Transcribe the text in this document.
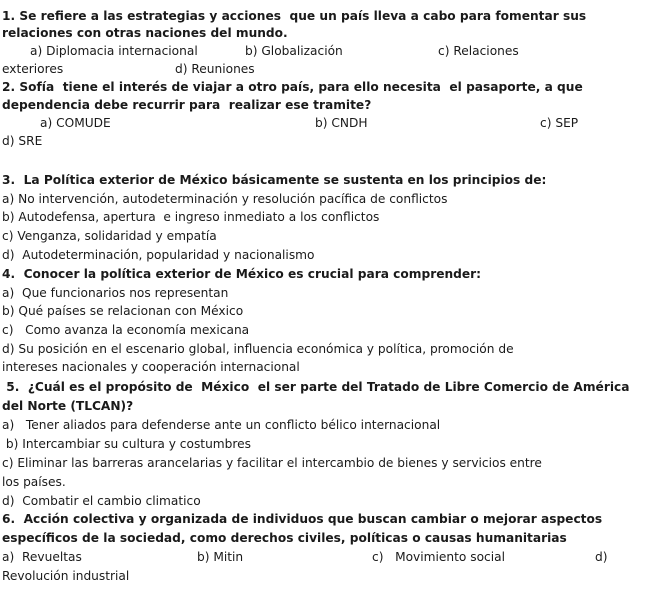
1. Se refiere a las estrategias y acciones  que un país lleva a cabo para fomentar sus
relaciones con otras naciones del mundo.
a) Diplomacia internacional	b) Globalización	c) Relaciones
exteriores	d) Reuniones
2. Sofía  tiene el interés de viajar a otro país, para ello necesita  el pasaporte, a que
dependencia debe recurrir para  realizar ese tramite?
a) COMUDE	b) CNDH	c) SEP
d) SRE
3.  La Política exterior de México básicamente se sustenta en los principios de:
a) No intervención, autodeterminación y resolución pacífica de conflictos
b) Autodefensa, apertura  e ingreso inmediato a los conflictos
c) Venganza, solidaridad y empatía
d)  Autodeterminación, popularidad y nacionalismo
4.  Conocer la política exterior de México es crucial para comprender:
a)  Que funcionarios nos representan
b) Qué países se relacionan con México
c)   Como avanza la economía mexicana
d) Su posición en el escenario global, influencia económica y política, promoción de
intereses nacionales y cooperación internacional
5.  ¿Cuál es el propósito de  México  el ser parte del Tratado de Libre Comercio de América
del Norte (TLCAN)?
a)   Tener aliados para defenderse ante un conflicto bélico internacional
b) Intercambiar su cultura y costumbres
c) Eliminar las barreras arancelarias y facilitar el intercambio de bienes y servicios entre
los países.
d)  Combatir el cambio climatico
6.  Acción colectiva y organizada de individuos que buscan cambiar o mejorar aspectos
específicos de la sociedad, como derechos civiles, políticas o causas humanitarias
a)  Revueltas	b) Mitin	c)   Movimiento social	d)
Revolución industrial
